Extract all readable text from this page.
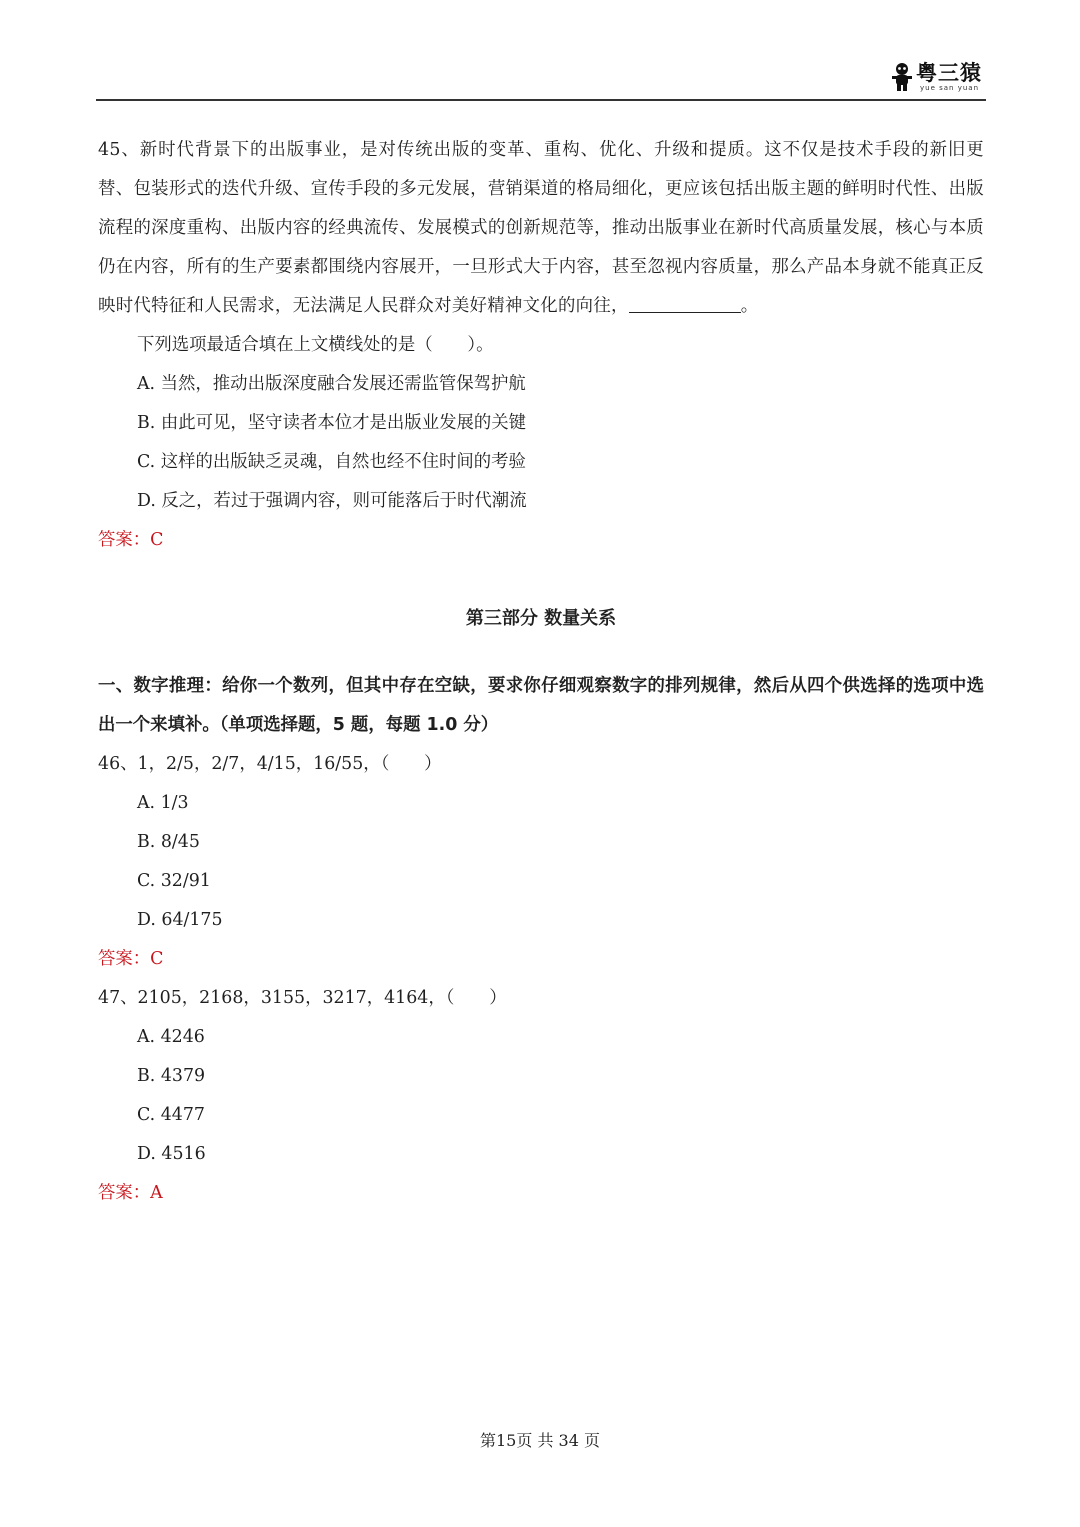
粤三猿
yue san yuan

45、新时代背景下的出版事业，是对传统出版的变革、重构、优化、升级和提质。这不仅是技术手段的新旧更替、包装形式的迭代升级、宣传手段的多元发展，营销渠道的格局细化，更应该包括出版主题的鲜明时代性、出版流程的深度重构、出版内容的经典流传、发展模式的创新规范等，推动出版事业在新时代高质量发展，核心与本质仍在内容，所有的生产要素都围绕内容展开，一旦形式大于内容，甚至忽视内容质量，那么产品本身就不能真正反映时代特征和人民需求，无法满足人民群众对美好精神文化的向往，	。

下列选项最适合填在上文横线处的是（　　）。

A. 当然，推动出版深度融合发展还需监管保驾护航

B. 由此可见，坚守读者本位才是出版业发展的关键

C. 这样的出版缺乏灵魂，自然也经不住时间的考验

D. 反之，若过于强调内容，则可能落后于时代潮流

答案：C

第三部分 数量关系

一、数字推理：给你一个数列，但其中存在空缺，要求你仔细观察数字的排列规律，然后从四个供选择的选项中选出一个来填补。（单项选择题，5 题，每题 1.0 分）

46、1，2/5，2/7，4/15，16/55，（　　）

A. 1/3

B. 8/45

C. 32/91

D. 64/175

答案：C

47、2105，2168，3155，3217，4164，（　　）

A. 4246

B. 4379

C. 4477

D. 4516

答案：A

第15页 共 34 页
